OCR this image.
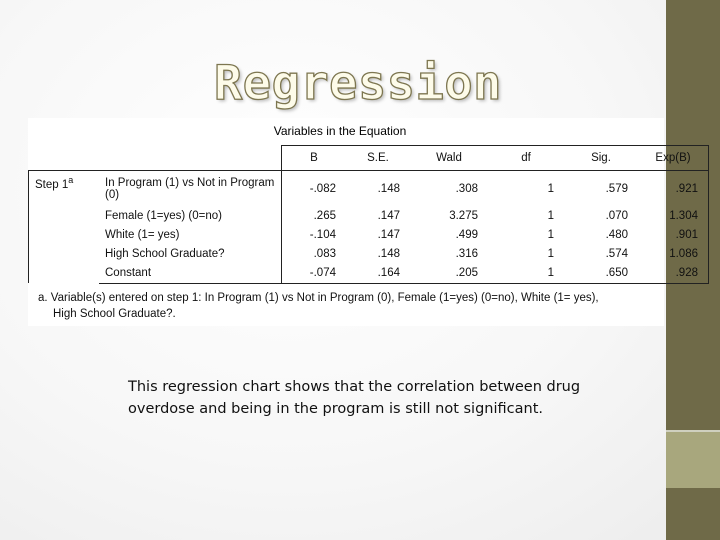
Regression
Variables in the Equation
		B	S.E.	Wald	df	Sig.	Exp(B)
Step 1$^a$	In Program (1) vs Not in Program (0)	-.082	.148	.308	1	.579	.921
	Female (1=yes) (0=no)	.265	.147	3.275	1	.070	1.304
	White (1= yes)	-.104	.147	.499	1	.480	.901
	High School Graduate?	.083	.148	.316	1	.574	1.086
	Constant	-.074	.164	.205	1	.650	.928

a. Variable(s) entered on step 1: In Program (1) vs Not in Program (0), Female (1=yes) (0=no), White (1= yes),
High School Graduate?.

This regression chart shows that the correlation between drug overdose and being in the program is still not significant.
